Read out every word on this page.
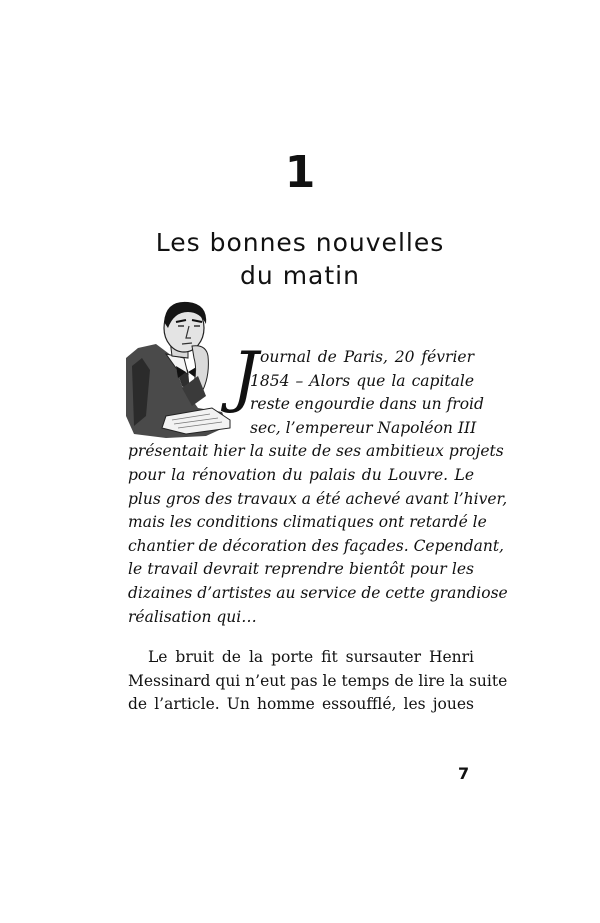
1
Les bonnes nouvelles
du matin
J ournal de Paris, 20 février
1854 – Alors que la capitale
reste engourdie dans un froid
sec, l’empereur Napoléon III
présentait hier la suite de ses ambitieux projets
pour la rénovation du palais du Louvre. Le
plus gros des travaux a été achevé avant l’hiver,
mais les conditions climatiques ont retardé le
chantier de décoration des façades. Cependant,
le travail devrait reprendre bientôt pour les
dizaines d’artistes au service de cette grandiose
réalisation qui…
Le bruit de la porte fit sursauter Henri
Messinard qui n’eut pas le temps de lire la suite
de l’article. Un homme essoufflé, les joues
7
